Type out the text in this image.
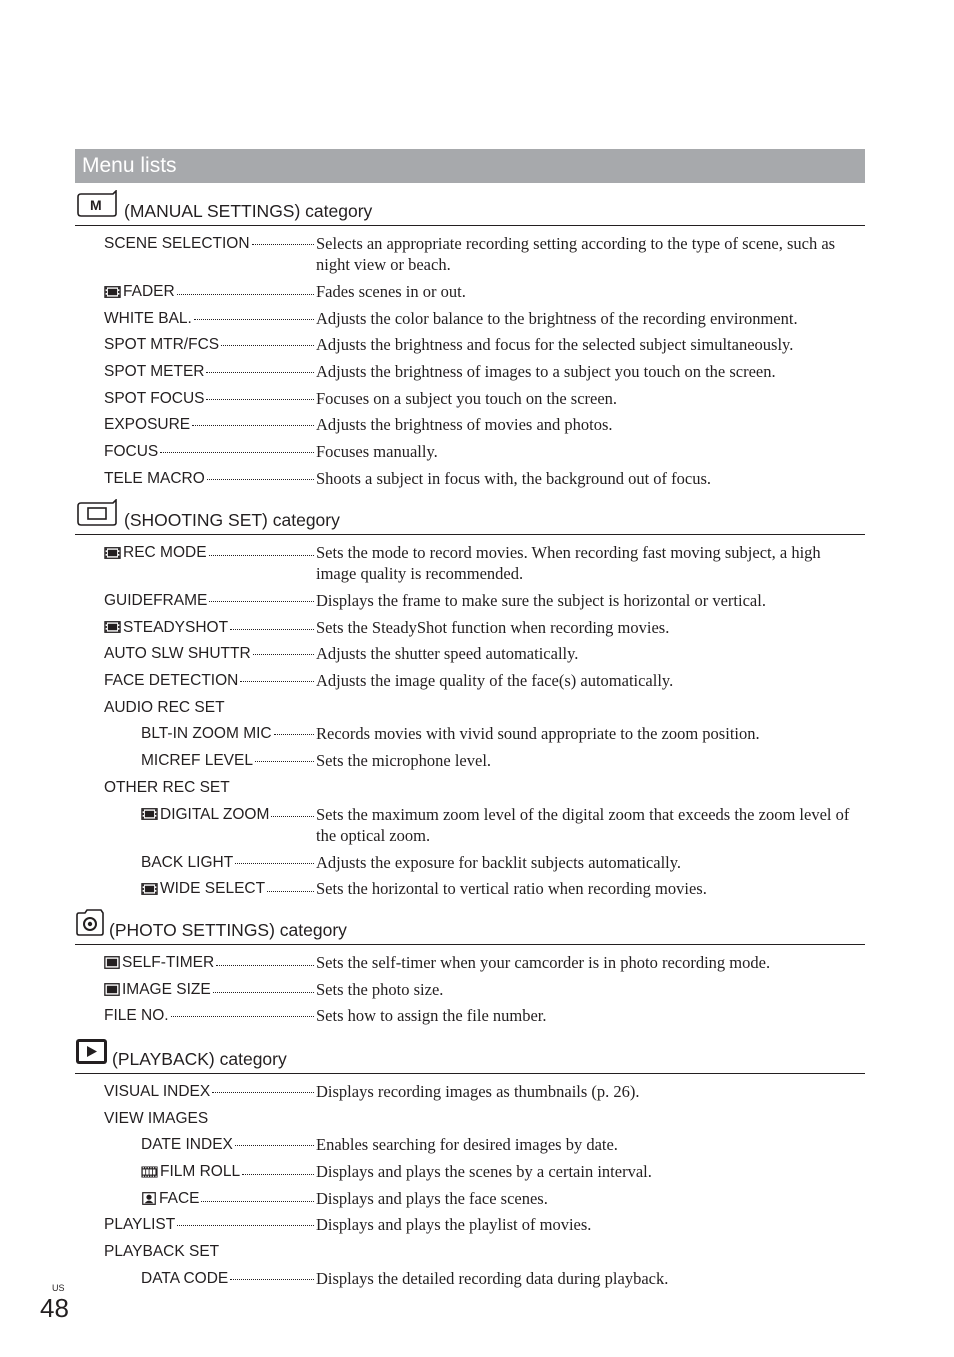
Menu lists
M (MANUAL SETTINGS) category
SCENE SELECTION	Selects an appropriate recording setting according to the type of scene, such as night view or beach.
FADER	Fades scenes in or out.
WHITE BAL.	Adjusts the color balance to the brightness of the recording environment.
SPOT MTR/FCS	Adjusts the brightness and focus for the selected subject simultaneously.
SPOT METER	Adjusts the brightness of images to a subject you touch on the screen.
SPOT FOCUS	Focuses on a subject you touch on the screen.
EXPOSURE	Adjusts the brightness of movies and photos.
FOCUS	Focuses manually.
TELE MACRO	Shoots a subject in focus with, the background out of focus.
(SHOOTING SET) category
REC MODE	Sets the mode to record movies. When recording fast moving subject, a high image quality is recommended.
GUIDEFRAME	Displays the frame to make sure the subject is horizontal or vertical.
STEADYSHOT	Sets the SteadyShot function when recording movies.
AUTO SLW SHUTTR	Adjusts the shutter speed automatically.
FACE DETECTION	Adjusts the image quality of the face(s) automatically.
AUDIO REC SET
BLT-IN ZOOM MIC	Records movies with vivid sound appropriate to the zoom position.
MICREF LEVEL	Sets the microphone level.
OTHER REC SET
DIGITAL ZOOM	Sets the maximum zoom level of the digital zoom that exceeds the zoom level of the optical zoom.
BACK LIGHT	Adjusts the exposure for backlit subjects automatically.
WIDE SELECT	Sets the horizontal to vertical ratio when recording movies.
(PHOTO SETTINGS) category
SELF-TIMER	Sets the self-timer when your camcorder is in photo recording mode.
IMAGE SIZE	Sets the photo size.
FILE NO.	Sets how to assign the file number.
(PLAYBACK) category
VISUAL INDEX	Displays recording images as thumbnails (p. 26).
VIEW IMAGES
DATE INDEX	Enables searching for desired images by date.
FILM ROLL	Displays and plays the scenes by a certain interval.
FACE	Displays and plays the face scenes.
PLAYLIST	Displays and plays the playlist of movies.
PLAYBACK SET
DATA CODE	Displays the detailed recording data during playback.
US
48
